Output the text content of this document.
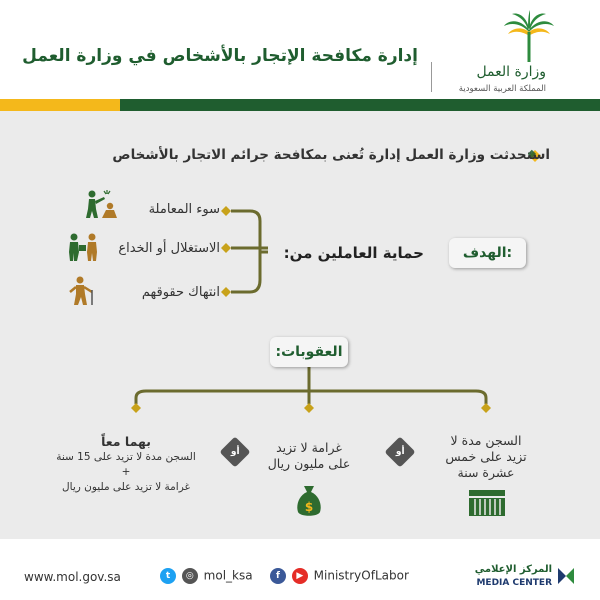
إدارة مكافحة الإتجار بالأشخاص في وزارة العمل
وزارة العمل
المملكة العربية السعودية
استحدثت وزارة العمل إدارة تُعنى بمكافحة جرائم الاتجار بالأشخاص
الهدف:
حماية العاملين من:
سوء المعاملة
الاستغلال أو الخداع
انتهاك حقوقهم
العقوبات:
السجن مدة لا
تزيد على خمس
عشرة سنة
أو
غرامة لا تزيد
على مليون ريال
$
أو
بهما معاً
السجن مدة لا تزيد على 15 سنة
+
غرامة لا تزيد على مليون ريال
www.mol.gov.sa	t ◎ mol_ksa	f ▶ MinistryOfLabor	المركز الإعلامي
MEDIA CENTER
